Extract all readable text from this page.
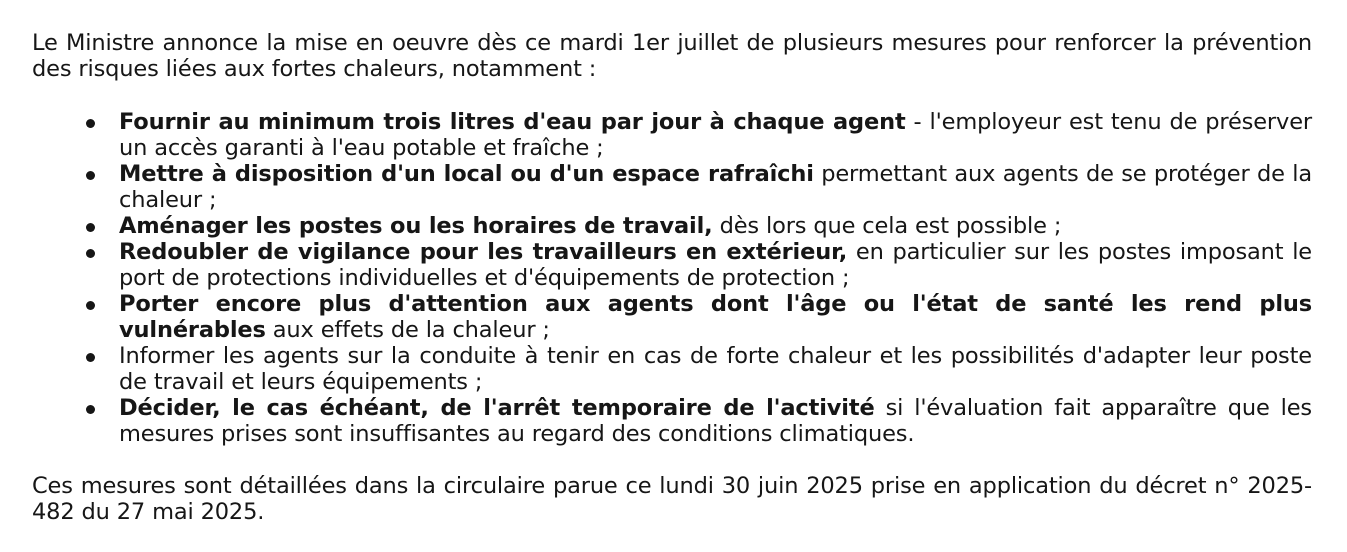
Le Ministre annonce la mise en oeuvre dès ce mardi 1er juillet de plusieurs mesures pour renforcer la prévention des risques liées aux fortes chaleurs, notamment :

Fournir au minimum trois litres d'eau par jour à chaque agent - l'employeur est tenu de préserver un accès garanti à l'eau potable et fraîche ;
Mettre à disposition d'un local ou d'un espace rafraîchi permettant aux agents de se protéger de la chaleur ;
Aménager les postes ou les horaires de travail, dès lors que cela est possible ;
Redoubler de vigilance pour les travailleurs en extérieur, en particulier sur les postes imposant le port de protections individuelles et d'équipements de protection ;
Porter encore plus d'attention aux agents dont l'âge ou l'état de santé les rend plus vulnérables aux effets de la chaleur ;
Informer les agents sur la conduite à tenir en cas de forte chaleur et les possibilités d'adapter leur poste de travail et leurs équipements ;
Décider, le cas échéant, de l'arrêt temporaire de l'activité si l'évaluation fait apparaître que les mesures prises sont insuffisantes au regard des conditions climatiques.

Ces mesures sont détaillées dans la circulaire parue ce lundi 30 juin 2025 prise en application du décret n° 2025-482 du 27 mai 2025.
